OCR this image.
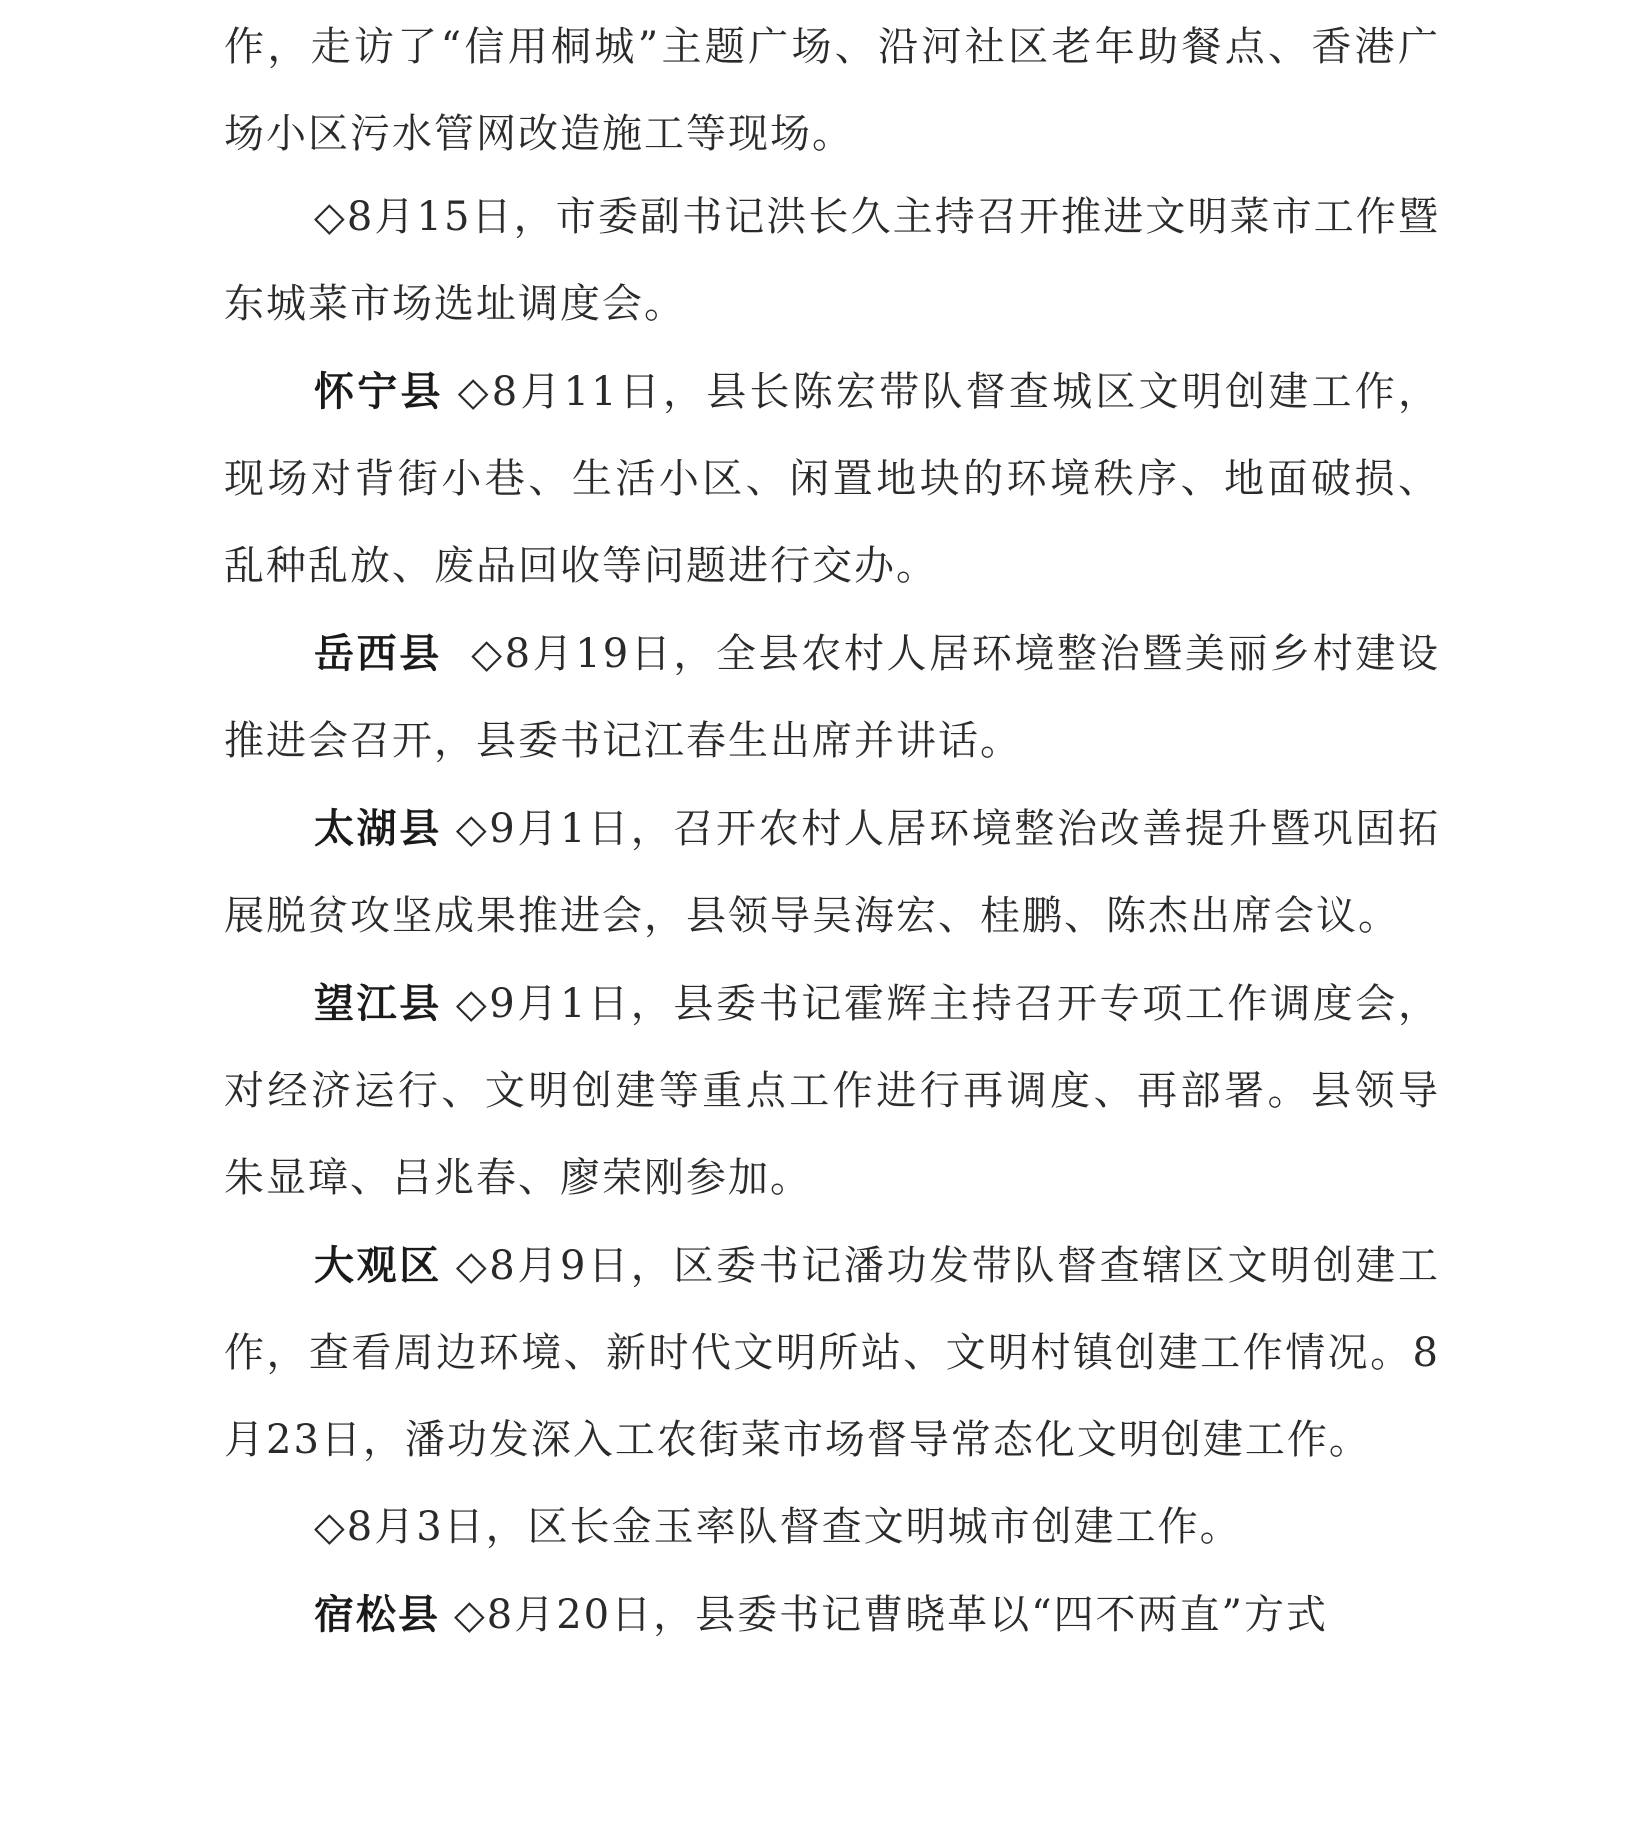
作，走访了“信用桐城”主题广场、沿河社区老年助餐点、香港广场小区污水管网改造施工等现场。

◇8月15日，市委副书记洪长久主持召开推进文明菜市工作暨东城菜市场选址调度会。

怀宁县 ◇8月11日，县长陈宏带队督查城区文明创建工作，现场对背街小巷、生活小区、闲置地块的环境秩序、地面破损、乱种乱放、废品回收等问题进行交办。

岳西县 ◇8月19日，全县农村人居环境整治暨美丽乡村建设推进会召开，县委书记江春生出席并讲话。

太湖县 ◇9月1日，召开农村人居环境整治改善提升暨巩固拓展脱贫攻坚成果推进会，县领导吴海宏、桂鹏、陈杰出席会议。

望江县 ◇9月1日，县委书记霍辉主持召开专项工作调度会，对经济运行、文明创建等重点工作进行再调度、再部署。县领导朱显璋、吕兆春、廖荣刚参加。

大观区 ◇8月9日，区委书记潘功发带队督查辖区文明创建工作，查看周边环境、新时代文明所站、文明村镇创建工作情况。8月23日，潘功发深入工农街菜市场督导常态化文明创建工作。

◇8月3日，区长金玉率队督查文明城市创建工作。

宿松县 ◇8月20日，县委书记曹晓革以“四不两直”方式
